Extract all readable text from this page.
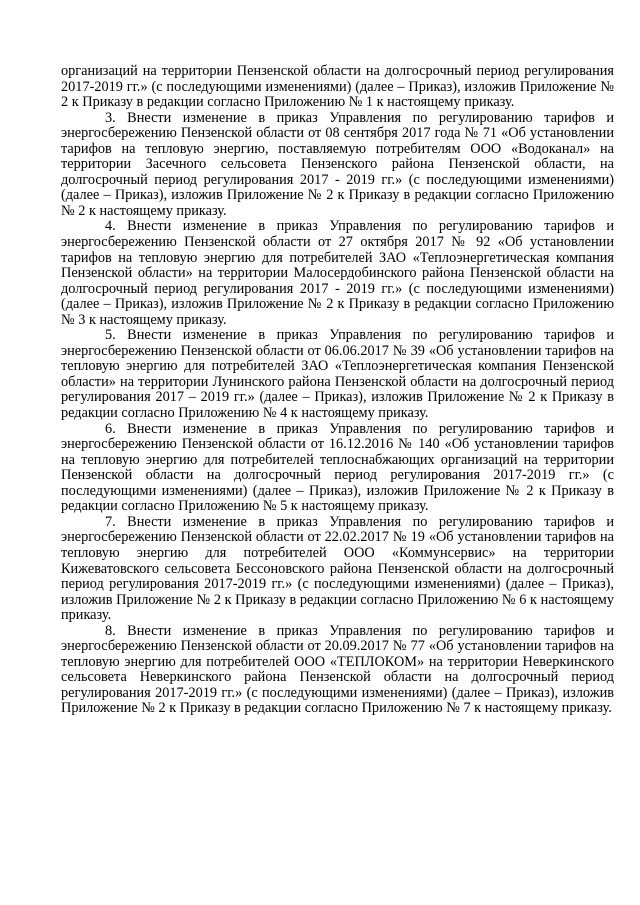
организаций на территории Пензенской области на долгосрочный период регулирования 2017-2019 гг.» (с последующими изменениями) (далее – Приказ), изложив Приложение № 2 к Приказу в редакции согласно Приложению № 1 к настоящему приказу.

3. Внести изменение в приказ Управления по регулированию тарифов и энергосбережению Пензенской области от 08 сентября 2017 года № 71 «Об установлении тарифов на тепловую энергию, поставляемую потребителям ООО «Водоканал» на территории Засечного сельсовета Пензенского района Пензенской области, на долгосрочный период регулирования 2017 - 2019 гг.» (с последующими изменениями) (далее – Приказ), изложив Приложение № 2 к Приказу в редакции согласно Приложению № 2 к настоящему приказу.

4. Внести изменение в приказ Управления по регулированию тарифов и энергосбережению Пензенской области от 27 октября 2017 № 92 «Об установлении тарифов на тепловую энергию для потребителей ЗАО «Теплоэнергетическая компания Пензенской области» на территории Малосердобинского района Пензенской области на долгосрочный период регулирования 2017 - 2019 гг.» (с последующими изменениями) (далее – Приказ), изложив Приложение № 2 к Приказу в редакции согласно Приложению № 3 к настоящему приказу.

5. Внести изменение в приказ Управления по регулированию тарифов и энергосбережению Пензенской области от 06.06.2017 № 39 «Об установлении тарифов на тепловую энергию для потребителей ЗАО «Теплоэнергетическая компания Пензенской области» на территории Лунинского района Пензенской области на долгосрочный период регулирования 2017 – 2019 гг.» (далее – Приказ), изложив Приложение № 2 к Приказу в редакции согласно Приложению № 4 к настоящему приказу.

6. Внести изменение в приказ Управления по регулированию тарифов и энергосбережению Пензенской области от 16.12.2016 № 140 «Об установлении тарифов на тепловую энергию для потребителей теплоснабжающих организаций на территории Пензенской области на долгосрочный период регулирования 2017-2019 гг.» (с последующими изменениями) (далее – Приказ), изложив Приложение № 2 к Приказу в редакции согласно Приложению № 5 к настоящему приказу.

7. Внести изменение в приказ Управления по регулированию тарифов и энергосбережению Пензенской области от 22.02.2017 № 19 «Об установлении тарифов на тепловую энергию для потребителей ООО «Коммунсервис» на территории Кижеватовского сельсовета Бессоновского района Пензенской области на долгосрочный период регулирования 2017-2019 гг.» (с последующими изменениями) (далее – Приказ), изложив Приложение № 2 к Приказу в редакции согласно Приложению № 6 к настоящему приказу.

8. Внести изменение в приказ Управления по регулированию тарифов и энергосбережению Пензенской области от 20.09.2017 № 77 «Об установлении тарифов на тепловую энергию для потребителей ООО «ТЕПЛОКОМ» на территории Неверкинского сельсовета Неверкинского района Пензенской области на долгосрочный период регулирования 2017-2019 гг.» (с последующими изменениями) (далее – Приказ), изложив Приложение № 2 к Приказу в редакции согласно Приложению № 7 к настоящему приказу.
